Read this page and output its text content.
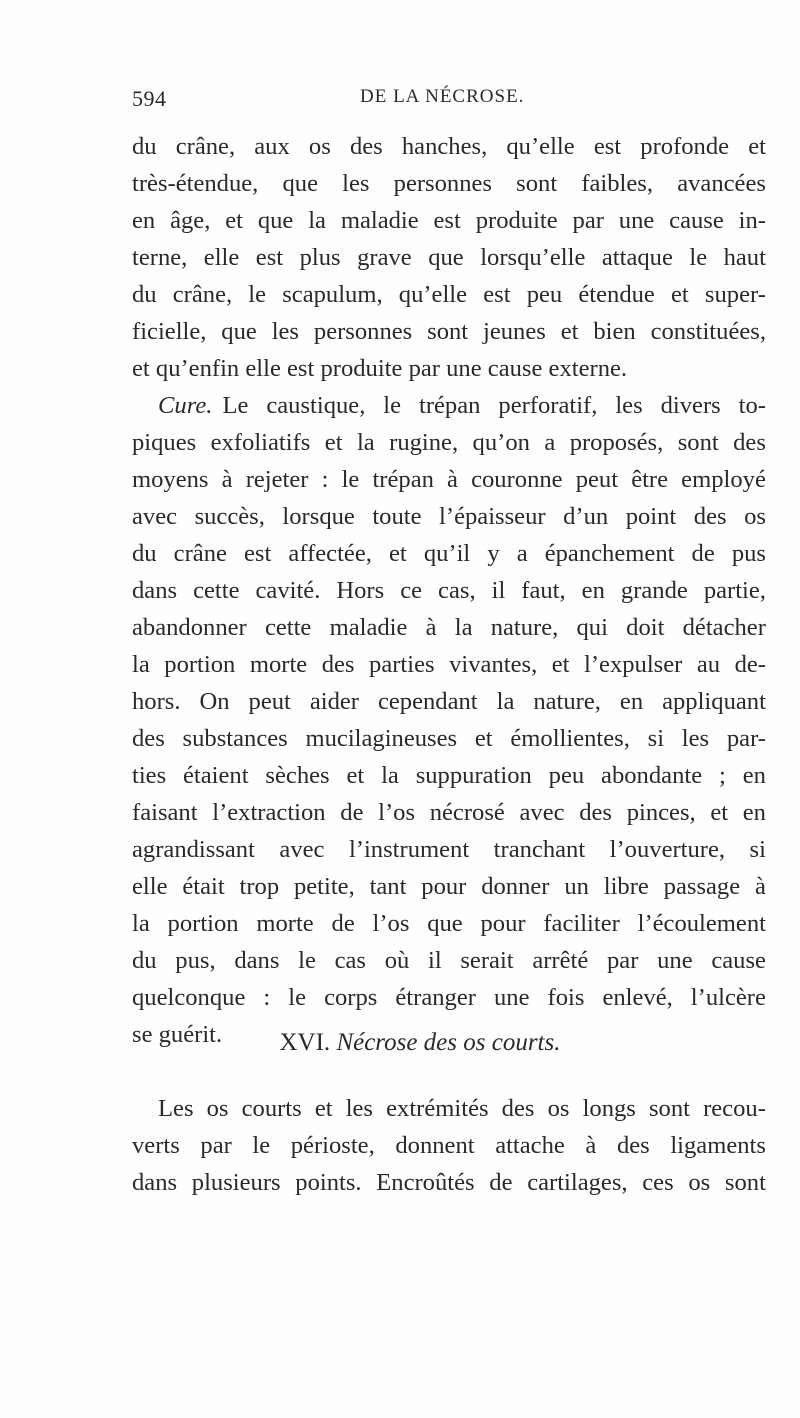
594	DE LA NÉCROSE.
du crâne, aux os des hanches, qu’elle est profonde et
très-étendue, que les personnes sont faibles, avancées
en âge, et que la maladie est produite par une cause in-
terne, elle est plus grave que lorsqu’elle attaque le haut
du crâne, le scapulum, qu’elle est peu étendue et super-
ficielle, que les personnes sont jeunes et bien constituées,
et qu’enfin elle est produite par une cause externe.
Cure. Le caustique, le trépan perforatif, les divers to-
piques exfoliatifs et la rugine, qu’on a proposés, sont des
moyens à rejeter : le trépan à couronne peut être employé
avec succès, lorsque toute l’épaisseur d’un point des os
du crâne est affectée, et qu’il y a épanchement de pus
dans cette cavité. Hors ce cas, il faut, en grande partie,
abandonner cette maladie à la nature, qui doit détacher
la portion morte des parties vivantes, et l’expulser au de-
hors. On peut aider cependant la nature, en appliquant
des substances mucilagineuses et émollientes, si les par-
ties étaient sèches et la suppuration peu abondante ; en
faisant l’extraction de l’os nécrosé avec des pinces, et en
agrandissant avec l’instrument tranchant l’ouverture, si
elle était trop petite, tant pour donner un libre passage à
la portion morte de l’os que pour faciliter l’écoulement
du pus, dans le cas où il serait arrêté par une cause
quelconque : le corps étranger une fois enlevé, l’ulcère
se guérit.	XVI. Nécrose des os courts.
Les os courts et les extrémités des os longs sont recou-
verts par le périoste, donnent attache à des ligaments
dans plusieurs points. Encroûtés de cartilages, ces os sont
